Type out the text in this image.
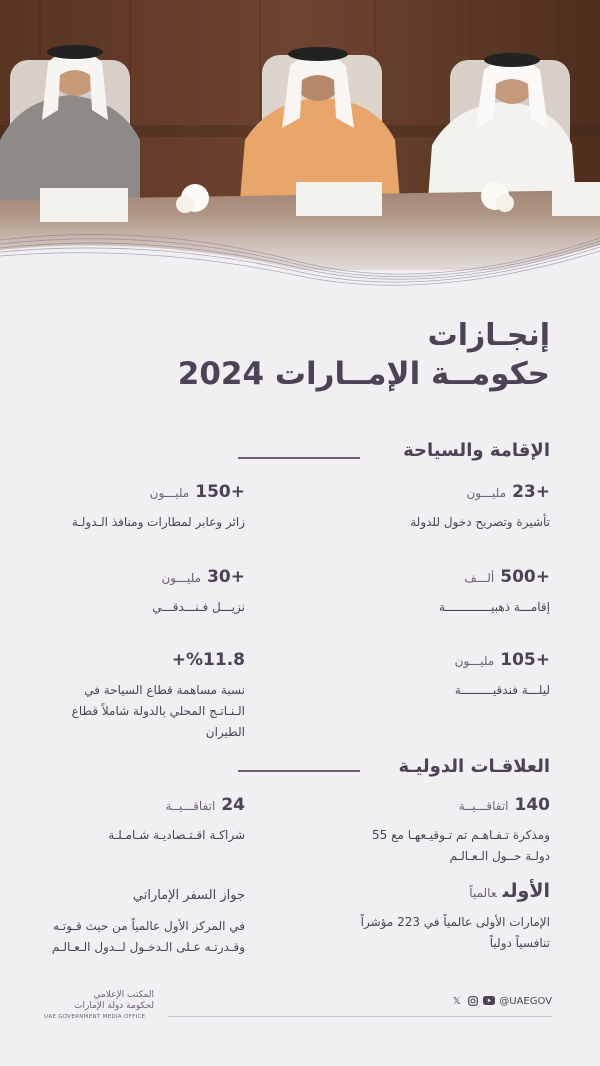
إنجـازات
حكومــة الإمــارات 2024
الإقامة والسياحة
+23مليـــون
تأشيرة وتصريح دخول للدولة
+150مليـــون
زائر وعابر لمطارات ومنافذ الـدولـة
+500ألـــف
إقامـــة ذهبيـــــــــــــة
+30مليـــون
نزيـــل فـنـــدقـــي
+105مليـــون
ليلـــة فندقيـــــــــة
%11.8+
نسبة مساهمة قطاع السياحة في الـنـاتـج المحلي بالدولة شاملاً قطاع الطيران
العلاقـات الدوليـة
140اتفاقـــيــة
ومذكرة تـفـاهـم تم تـوقيـعهـا مع 55 دولـة حــول الـعـالـم
24اتفاقـــيــة
شراكـة اقـتـصاديـة شـامـلـة
الأولىعالمياً
الإمارات الأولى عالمياً في 223 مؤشراً تنافسياً دولياً
جواز السفر الإماراتي
في المركز الأول عالمياً من حيث قـوتـه وقـدرتـه عـلى الـدخـول لــدول الـعـالـم
المكتب الإعلامي
لحكومة دولة الإمارات
UAE GOVERNMENT MEDIA OFFICE
𝕏	@UAEGOV
